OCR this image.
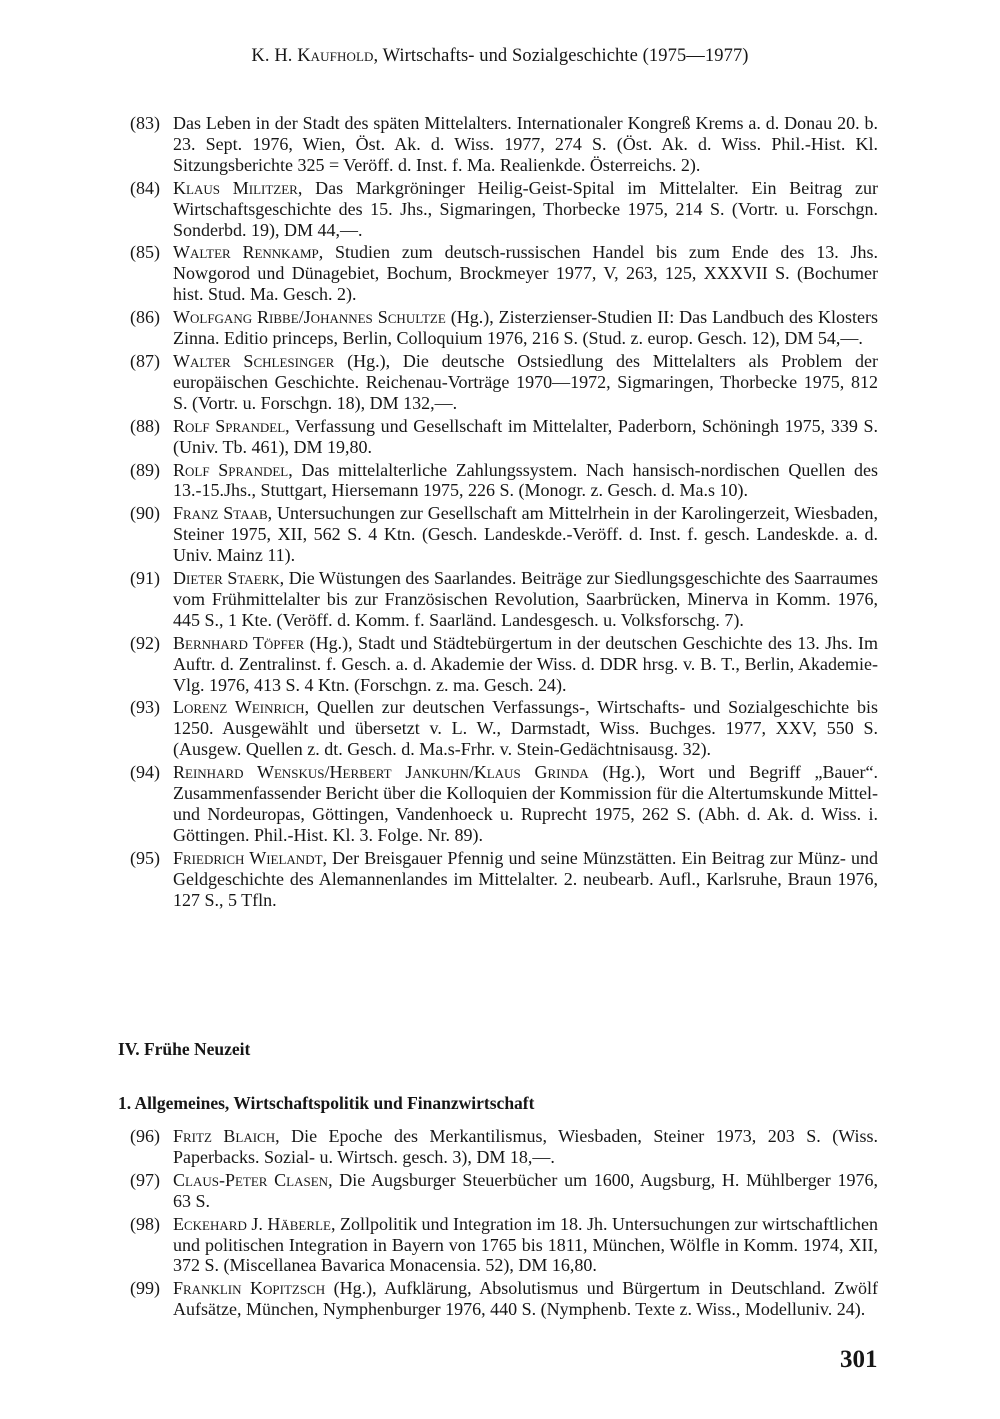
K. H. Kaufhold, Wirtschafts- und Sozialgeschichte (1975—1977)
(83) Das Leben in der Stadt des späten Mittelalters. Internationaler Kongreß Krems a. d. Donau 20. b. 23. Sept. 1976, Wien, Öst. Ak. d. Wiss. 1977, 274 S. (Öst. Ak. d. Wiss. Phil.-Hist. Kl. Sitzungsberichte 325 = Veröff. d. Inst. f. Ma. Realienkde. Österreichs. 2).
(84) Klaus Militzer, Das Markgröninger Heilig-Geist-Spital im Mittelalter. Ein Beitrag zur Wirtschaftsgeschichte des 15. Jhs., Sigmaringen, Thorbecke 1975, 214 S. (Vortr. u. Forschgn. Sonderbd. 19), DM 44,—.
(85) Walter Rennkamp, Studien zum deutsch-russischen Handel bis zum Ende des 13. Jhs. Nowgorod und Dünagebiet, Bochum, Brockmeyer 1977, V, 263, 125, XXXVII S. (Bochumer hist. Stud. Ma. Gesch. 2).
(86) Wolfgang Ribbe/Johannes Schultze (Hg.), Zisterzienser-Studien II: Das Landbuch des Klosters Zinna. Editio princeps, Berlin, Colloquium 1976, 216 S. (Stud. z. europ. Gesch. 12), DM 54,—.
(87) Walter Schlesinger (Hg.), Die deutsche Ostsiedlung des Mittelalters als Problem der europäischen Geschichte. Reichenau-Vorträge 1970—1972, Sigmaringen, Thorbecke 1975, 812 S. (Vortr. u. Forschgn. 18), DM 132,—.
(88) Rolf Sprandel, Verfassung und Gesellschaft im Mittelalter, Paderborn, Schöningh 1975, 339 S. (Univ. Tb. 461), DM 19,80.
(89) Rolf Sprandel, Das mittelalterliche Zahlungssystem. Nach hansisch-nordischen Quellen des 13.-15.Jhs., Stuttgart, Hiersemann 1975, 226 S. (Monogr. z. Gesch. d. Ma.s 10).
(90) Franz Staab, Untersuchungen zur Gesellschaft am Mittelrhein in der Karolingerzeit, Wiesbaden, Steiner 1975, XII, 562 S. 4 Ktn. (Gesch. Landeskde.-Veröff. d. Inst. f. gesch. Landeskde. a. d. Univ. Mainz 11).
(91) Dieter Staerk, Die Wüstungen des Saarlandes. Beiträge zur Siedlungsgeschichte des Saarraumes vom Frühmittelalter bis zur Französischen Revolution, Saarbrücken, Minerva in Komm. 1976, 445 S., 1 Kte. (Veröff. d. Komm. f. Saarländ. Landesgesch. u. Volksforschg. 7).
(92) Bernhard Töpfer (Hg.), Stadt und Städtebürgertum in der deutschen Geschichte des 13. Jhs. Im Auftr. d. Zentralinst. f. Gesch. a. d. Akademie der Wiss. d. DDR hrsg. v. B. T., Berlin, Akademie-Vlg. 1976, 413 S. 4 Ktn. (Forschgn. z. ma. Gesch. 24).
(93) Lorenz Weinrich, Quellen zur deutschen Verfassungs-, Wirtschafts- und Sozialgeschichte bis 1250. Ausgewählt und übersetzt v. L. W., Darmstadt, Wiss. Buchges. 1977, XXV, 550 S. (Ausgew. Quellen z. dt. Gesch. d. Ma.s-Frhr. v. Stein-Gedächtnisausg. 32).
(94) Reinhard Wenskus/Herbert Jankuhn/Klaus Grinda (Hg.), Wort und Begriff „Bauer“. Zusammenfassender Bericht über die Kolloquien der Kommission für die Altertumskunde Mittel- und Nordeuropas, Göttingen, Vandenhoeck u. Ruprecht 1975, 262 S. (Abh. d. Ak. d. Wiss. i. Göttingen. Phil.-Hist. Kl. 3. Folge. Nr. 89).
(95) Friedrich Wielandt, Der Breisgauer Pfennig und seine Münzstätten. Ein Beitrag zur Münz- und Geldgeschichte des Alemannenlandes im Mittelalter. 2. neubearb. Aufl., Karlsruhe, Braun 1976, 127 S., 5 Tfln.
IV. Frühe Neuzeit
1. Allgemeines, Wirtschaftspolitik und Finanzwirtschaft
(96) Fritz Blaich, Die Epoche des Merkantilismus, Wiesbaden, Steiner 1973, 203 S. (Wiss. Paperbacks. Sozial- u. Wirtsch. gesch. 3), DM 18,—.
(97) Claus-Peter Clasen, Die Augsburger Steuerbücher um 1600, Augsburg, H. Mühlberger 1976, 63 S.
(98) Eckehard J. Häberle, Zollpolitik und Integration im 18. Jh. Untersuchungen zur wirtschaftlichen und politischen Integration in Bayern von 1765 bis 1811, München, Wölfle in Komm. 1974, XII, 372 S. (Miscellanea Bavarica Monacensia. 52), DM 16,80.
(99) Franklin Kopitzsch (Hg.), Aufklärung, Absolutismus und Bürgertum in Deutschland. Zwölf Aufsätze, München, Nymphenburger 1976, 440 S. (Nymphenb. Texte z. Wiss., Modelluniv. 24).
301
